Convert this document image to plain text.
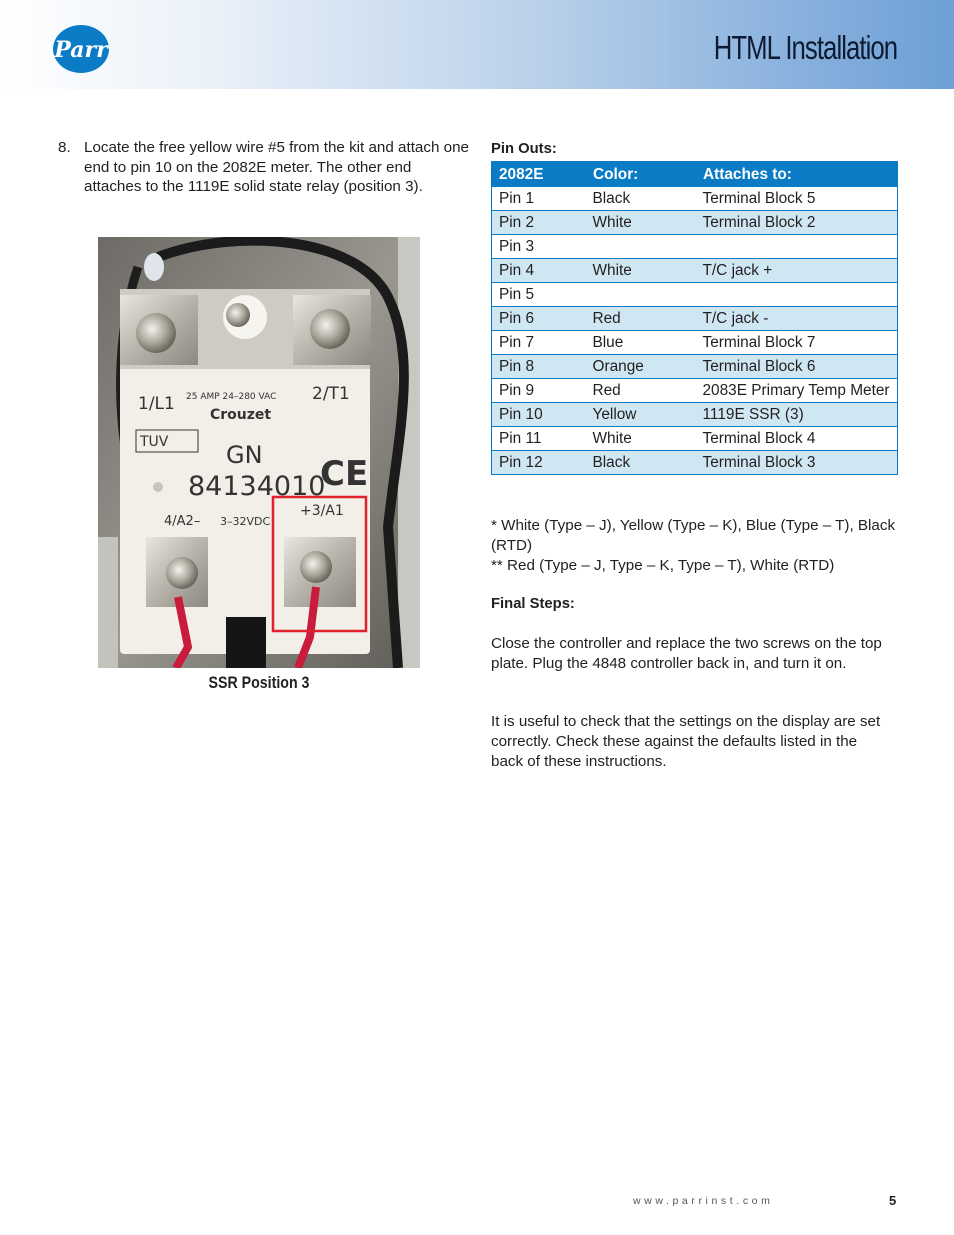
Parr	HTML Installation
8. Locate the free yellow wire #5 from the kit and attach one end to pin 10 on the 2082E meter. The other end attaches to the 1119E solid state relay (position 3).
1/L1 25 AMP 24–280 VAC 2/T1
Crouzet
TUV GN
84134010
CE
4/A2– 3–32VDC
+3/A1
SSR Position 3
Pin Outs:
2082E	Color:	Attaches to:
Pin 1	Black	Terminal Block 5
Pin 2	White	Terminal Block 2
Pin 3		
Pin 4	White	T/C jack +
Pin 5		
Pin 6	Red	T/C jack -
Pin 7	Blue	Terminal Block 7
Pin 8	Orange	Terminal Block 6
Pin 9	Red	2083E Primary Temp Meter
Pin 10	Yellow	1119E SSR (3)
Pin 11	White	Terminal Block 4
Pin 12	Black	Terminal Block 3
* White (Type – J), Yellow (Type – K), Blue (Type – T), Black (RTD)
** Red (Type – J, Type – K, Type – T), White (RTD)
Final Steps:
Close the controller and replace the two screws on the top plate. Plug the 4848 controller back in, and turn it on.
It is useful to check that the settings on the display are set correctly. Check these against the defaults listed in the back of these instructions.
www.parrinst.com	5
